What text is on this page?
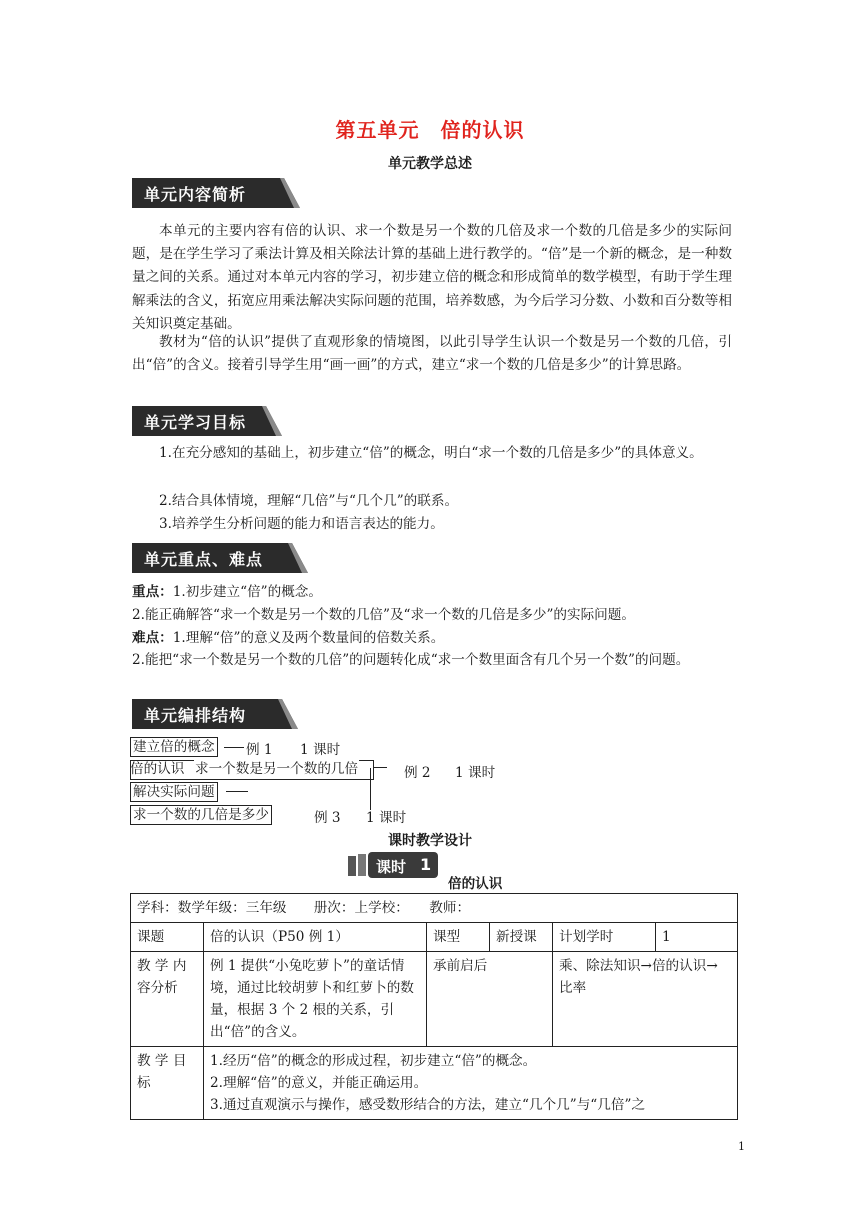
第五单元　倍的认识
单元教学总述
单元内容简析
本单元的主要内容有倍的认识、求一个数是另一个数的几倍及求一个数的几倍是多少的实际问题，是在学生学习了乘法计算及相关除法计算的基础上进行教学的。“倍”是一个新的概念，是一种数量之间的关系。通过对本单元内容的学习，初步建立倍的概念和形成简单的数学模型，有助于学生理解乘法的含义，拓宽应用乘法解决实际问题的范围，培养数感，为今后学习分数、小数和百分数等相关知识奠定基础。
教材为“倍的认识”提供了直观形象的情境图，以此引导学生认识一个数是另一个数的几倍，引出“倍”的含义。接着引导学生用“画一画”的方式，建立“求一个数的几倍是多少”的计算思路。
单元学习目标
1.在充分感知的基础上，初步建立“倍”的概念，明白“求一个数的几倍是多少”的具体意义。
2.结合具体情境，理解“几倍”与“几个几”的联系。
3.培养学生分析问题的能力和语言表达的能力。
单元重点、难点
重点：1.初步建立“倍”的概念。
2.能正确解答“求一个数是另一个数的几倍”及“求一个数的几倍是多少”的实际问题。
难点：1.理解“倍”的意义及两个数量间的倍数关系。
2.能把“求一个数是另一个数的几倍”的问题转化成“求一个数里面含有几个另一个数”的问题。
单元编排结构
建立倍的概念 例 1 1 课时
倍的认识 求一个数是另一个数的几倍	例 2 1 课时
解决实际问题
求一个数的几倍是多少	例 3 1 课时
课时教学设计
课时 1
倍的认识
学科：数学年级：三年级　　册次：上学校：　　教师：					
课题	倍的认识（P50 例 1）	课型	新授课	计划学时	1
教 学 内容分析	例 1 提供“小兔吃萝卜”的童话情境，通过比较胡萝卜和红萝卜的数量，根据 3 个 2 根的关系，引出“倍”的含义。	承前启后		乘、除法知识→倍的认识→比率	
教 学 目标	1.经历“倍”的概念的形成过程，初步建立“倍”的概念。
2.理解“倍”的意义，并能正确运用。
3.通过直观演示与操作，感受数形结合的方法，建立“几个几”与“几倍”之				
1
